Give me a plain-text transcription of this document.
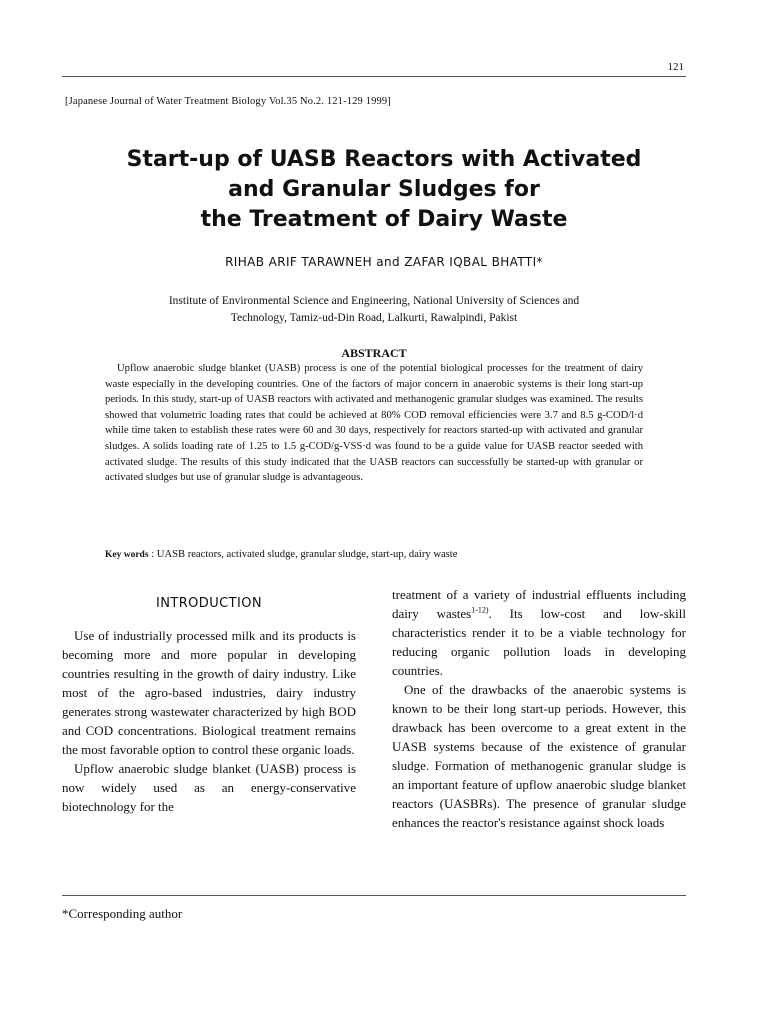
121
[Japanese Journal of Water Treatment Biology Vol.35 No.2. 121-129 1999]
Start-up of UASB Reactors with Activated
and Granular Sludges for
the Treatment of Dairy Waste
RIHAB ARIF TARAWNEH and ZAFAR IQBAL BHATTI*
Institute of Environmental Science and Engineering, National University of Sciences and
Technology, Tamiz-ud-Din Road, Lalkurti, Rawalpindi, Pakist
ABSTRACT
Upflow anaerobic sludge blanket (UASB) process is one of the potential biological processes for the treatment of dairy waste especially in the developing countries. One of the factors of major concern in anaerobic systems is their long start-up periods. In this study, start-up of UASB reactors with activated and methanogenic granular sludges was examined. The results showed that volumetric loading rates that could be achieved at 80% COD removal efficiencies were 3.7 and 8.5 g-COD/l·d while time taken to establish these rates were 60 and 30 days, respectively for reactors started-up with activated and granular sludges. A solids loading rate of 1.25 to 1.5 g-COD/g-VSS·d was found to be a guide value for UASB reactor seeded with activated sludge. The results of this study indicated that the UASB reactors can successfully be started-up with granular or activated sludges but use of granular sludge is advantageous.
Key words : UASB reactors, activated sludge, granular sludge, start-up, dairy waste
INTRODUCTION

Use of industrially processed milk and its products is becoming more and more popular in developing countries resulting in the growth of dairy industry. Like most of the agro-based industries, dairy industry generates strong wastewater characterized by high BOD and COD concentrations. Biological treatment remains the most favorable option to control these organic loads.

Upflow anaerobic sludge blanket (UASB) process is now widely used as an energy-conservative biotechnology for the

treatment of a variety of industrial effluents including dairy wastes$^{1-12)}$. Its low-cost and low-skill characteristics render it to be a viable technology for reducing organic pollution loads in developing countries.

One of the drawbacks of the anaerobic systems is known to be their long start-up periods. However, this drawback has been overcome to a great extent in the UASB systems because of the existence of granular sludge. Formation of methanogenic granular sludge is an important feature of upflow anaerobic sludge blanket reactors (UASBRs). The presence of granular sludge enhances the reactor's resistance against shock loads

*Corresponding author
